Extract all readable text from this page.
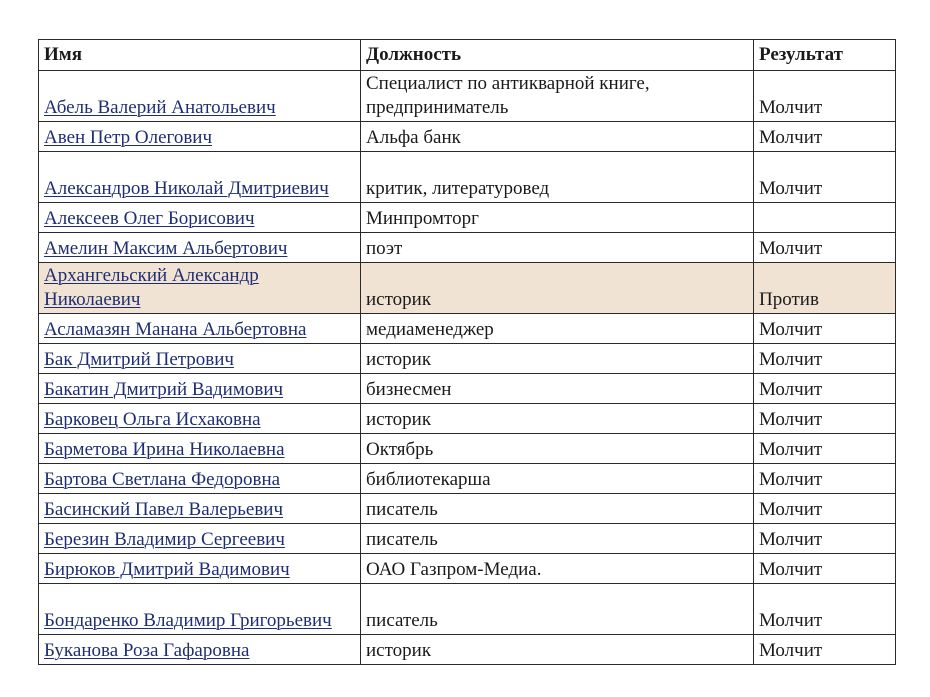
Имя	Должность	Результат
Абель Валерий Анатольевич	Специалист по антикварной книге, предприниматель	Молчит
Авен Петр Олегович	Альфа банк	Молчит
Александров Николай Дмитриевич	критик, литературовед	Молчит
Алексеев Олег Борисович	Минпромторг	
Амелин Максим Альбертович	поэт	Молчит
Архангельский Александр Николаевич	историк	Против
Асламазян Манана Альбертовна	медиаменеджер	Молчит
Бак Дмитрий Петрович	историк	Молчит
Бакатин Дмитрий Вадимович	бизнесмен	Молчит
Барковец Ольга Исхаковна	историк	Молчит
Барметова Ирина Николаевна	Октябрь	Молчит
Бартова Светлана Федоровна	библиотекарша	Молчит
Басинский Павел Валерьевич	писатель	Молчит
Березин Владимир Сергеевич	писатель	Молчит
Бирюков Дмитрий Вадимович	ОАО Газпром-Медиа.	Молчит
Бондаренко Владимир Григорьевич	писатель	Молчит
Буканова Роза Гафаровна	историк	Молчит
